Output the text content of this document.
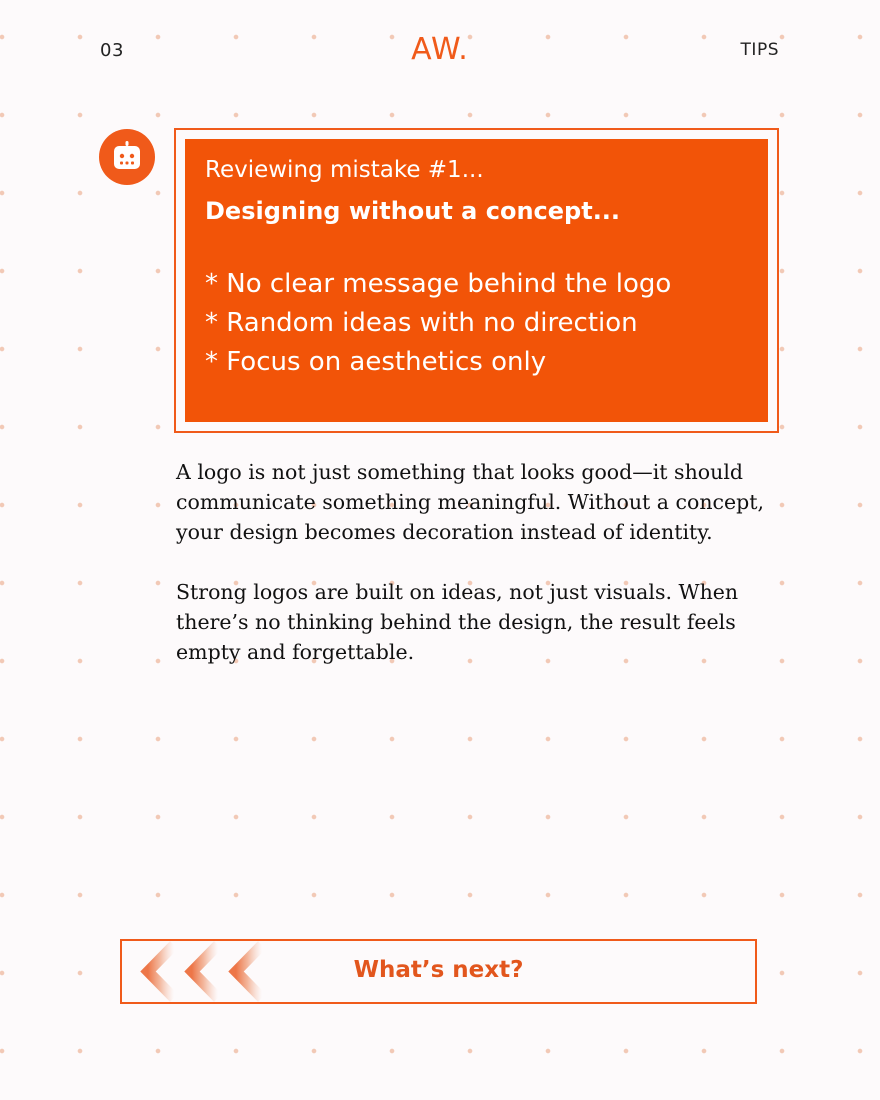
03	AW.	TIPS
Reviewing mistake #1...
Designing without a concept...
* No clear message behind the logo
* Random ideas with no direction
* Focus on aesthetics only

A logo is not just something that looks good—it should communicate something meaningful. Without a concept, your design becomes decoration instead of identity.

Strong logos are built on ideas, not just visuals. When there’s no thinking behind the design, the result feels empty and forgettable.

What’s next?
